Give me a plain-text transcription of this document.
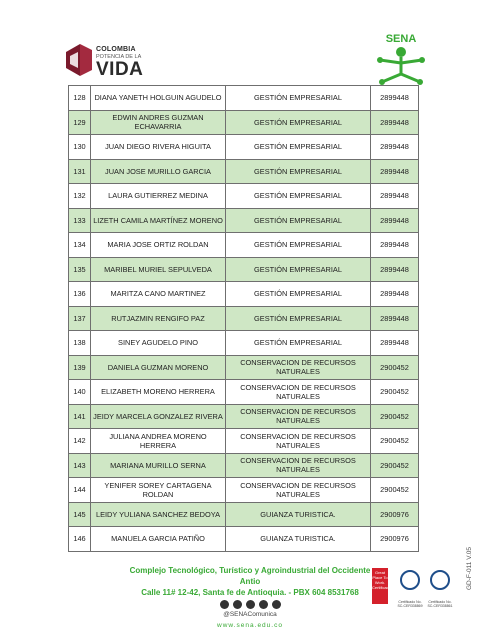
COLOMBIA
POTENCIA DE LA
VIDA
SENA
128	DIANA YANETH HOLGUIN AGUDELO	GESTIÓN EMPRESARIAL	2899448
129	EDWIN ANDRES GUZMAN ECHAVARRIA	GESTIÓN EMPRESARIAL	2899448
130	JUAN DIEGO RIVERA HIGUITA	GESTIÓN EMPRESARIAL	2899448
131	JUAN JOSE MURILLO GARCIA	GESTIÓN EMPRESARIAL	2899448
132	LAURA GUTIERREZ MEDINA	GESTIÓN EMPRESARIAL	2899448
133	LIZETH CAMILA MARTÍNEZ MORENO	GESTIÓN EMPRESARIAL	2899448
134	MARIA JOSE ORTIZ ROLDAN	GESTIÓN EMPRESARIAL	2899448
135	MARIBEL MURIEL SEPULVEDA	GESTIÓN EMPRESARIAL	2899448
136	MARITZA CANO MARTINEZ	GESTIÓN EMPRESARIAL	2899448
137	RUTJAZMIN RENGIFO PAZ	GESTIÓN EMPRESARIAL	2899448
138	SINEY AGUDELO PINO	GESTIÓN EMPRESARIAL	2899448
139	DANIELA GUZMAN MORENO	CONSERVACION DE RECURSOS NATURALES	2900452
140	ELIZABETH MORENO HERRERA	CONSERVACION DE RECURSOS NATURALES	2900452
141	JEIDY MARCELA GONZALEZ RIVERA	CONSERVACION DE RECURSOS NATURALES	2900452
142	JULIANA ANDREA MORENO HERRERA	CONSERVACION DE RECURSOS NATURALES	2900452
143	MARIANA MURILLO SERNA	CONSERVACION DE RECURSOS NATURALES	2900452
144	YENIFER SOREY CARTAGENA ROLDAN	CONSERVACION DE RECURSOS NATURALES	2900452
145	LEIDY YULIANA SANCHEZ BEDOYA	GUIANZA TURISTICA.	2900976
146	MANUELA GARCIA PATIÑO	GUIANZA TURISTICA.	2900976
Complejo Tecnológico, Turístico y Agroindustrial del Occidente Antio
Calle 11# 12-42, Santa fe de Antioquia. - PBX 604 8531768
@SENAComunica
www.sena.edu.co
Great Place To Work. Certificada
Certificado No. SC-CER338869
Certificado No. SC-CER338861
GD-F-011 V.05
